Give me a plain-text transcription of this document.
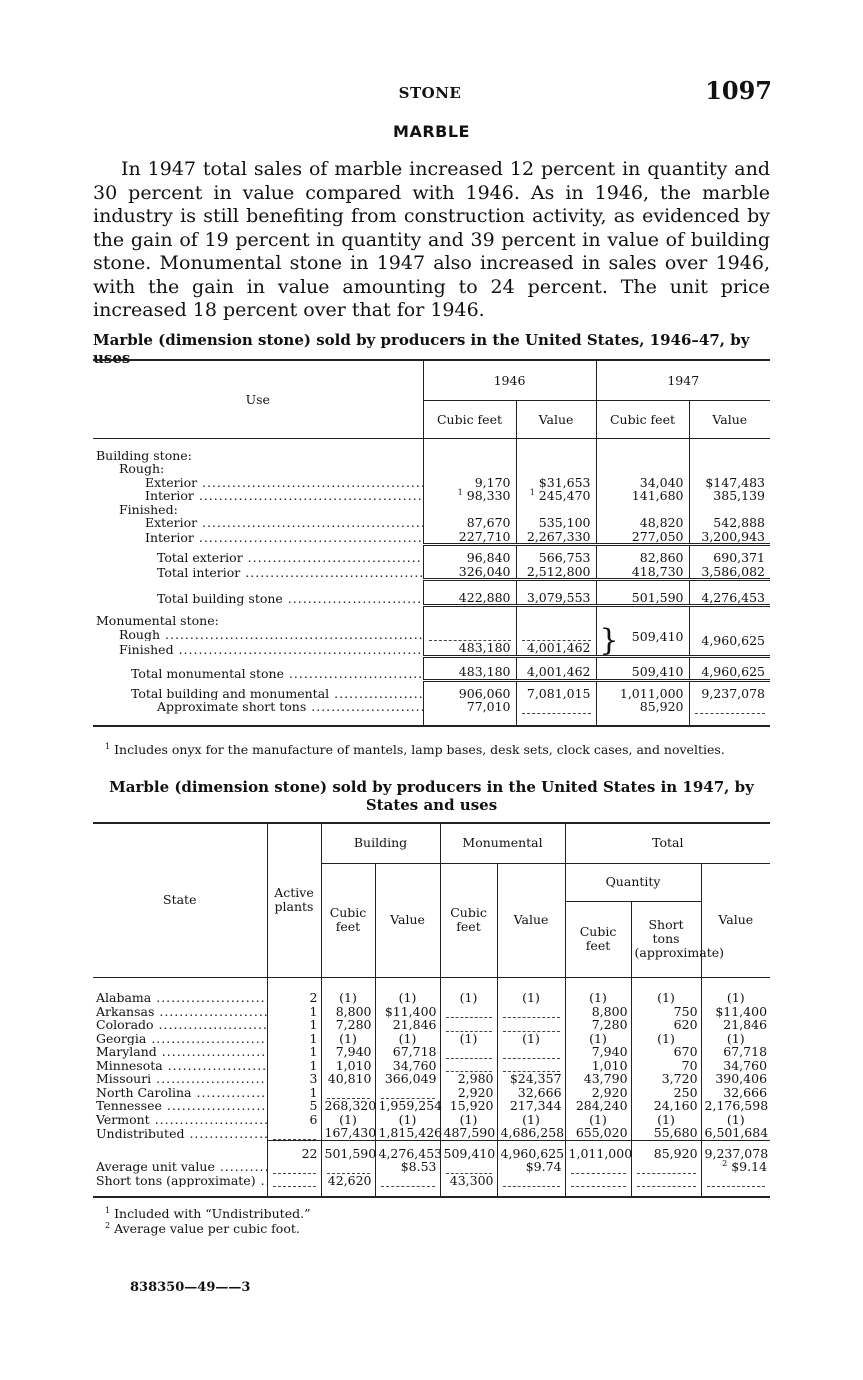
STONE	1097
MARBLE
In 1947 total sales of marble increased 12 percent in quantity and 30 percent in value compared with 1946. As in 1946, the marble industry is still benefiting from construction activity, as evidenced by the gain of 19 percent in quantity and 39 percent in value of building stone. Monumental stone in 1947 also increased in sales over 1946, with the gain in value amounting to 24 percent. The unit price increased 18 percent over that for 1946.
Marble (dimension stone) sold by producers in the United States, 1946–47, by uses
Use	1946		1947	
	Cubic feet	Value	Cubic feet	Value
Building stone:				
Rough:				
Exterior .....	9,170	$31,653	34,040	$147,483
Interior .....	$^1$ 98,330	$^1$ 245,470	141,680	385,139
Finished:				
Exterior .....	87,670	535,100	48,820	542,888
Interior .....	227,710	2,267,330	277,050	3,200,943
Total exterior .....	96,840	566,753	82,860	690,371
Total interior .....	326,040	2,512,800	418,730	3,586,082
Total building stone .....	422,880	3,079,553	501,590	4,276,453
Monumental stone:				
Rough .....			} 509,410	4,960,625
Finished .....	483,180	4,001,462		
Total monumental stone .....	483,180	4,001,462	509,410	4,960,625
Total building and monumental .....	906,060	7,081,015	1,011,000	9,237,078
Approximate short tons .....	77,010		85,920	

$^1$ Includes onyx for the manufacture of mantels, lamp bases, desk sets, clock cases, and novelties.
Marble (dimension stone) sold by producers in the United States in 1947, by States and uses
State	Active plants	Building		Monumental		Total		
		Cubic feet	Value	Cubic feet	Value	Quantity		Value
						Cubic feet	Short tons (approximate)	

Alabama .....	2	(1)	(1)	(1)	(1)	(1)	(1)	(1)
Arkansas .....	1	8,800	$11,400			8,800	750	$11,400
Colorado .....	1	7,280	21,846			7,280	620	21,846
Georgia .....	1	(1)	(1)	(1)	(1)	(1)	(1)	(1)
Maryland .....	1	7,940	67,718			7,940	670	67,718
Minnesota .....	1	1,010	34,760			1,010	70	34,760
Missouri .....	3	40,810	366,049	2,980	$24,357	43,790	3,720	390,406
North Carolina .....	1			2,920	32,666	2,920	250	32,666
Tennessee .....	5	268,320	1,959,254	15,920	217,344	284,240	24,160	2,176,598
Vermont .....	6	(1)	(1)	(1)	(1)	(1)	(1)	(1)
Undistributed .....		167,430	1,815,426	487,590	4,686,258	655,020	55,680	6,501,684
	22	501,590	4,276,453	509,410	4,960,625	1,011,000	85,920	9,237,078
Average unit value .....			$8.53		$9.74			$^2$ $9.14
Short tons (approximate) .....		42,620		43,300	

$^1$ Included with “Undistributed.”
$^2$ Average value per cubic foot.
838350—49——3
